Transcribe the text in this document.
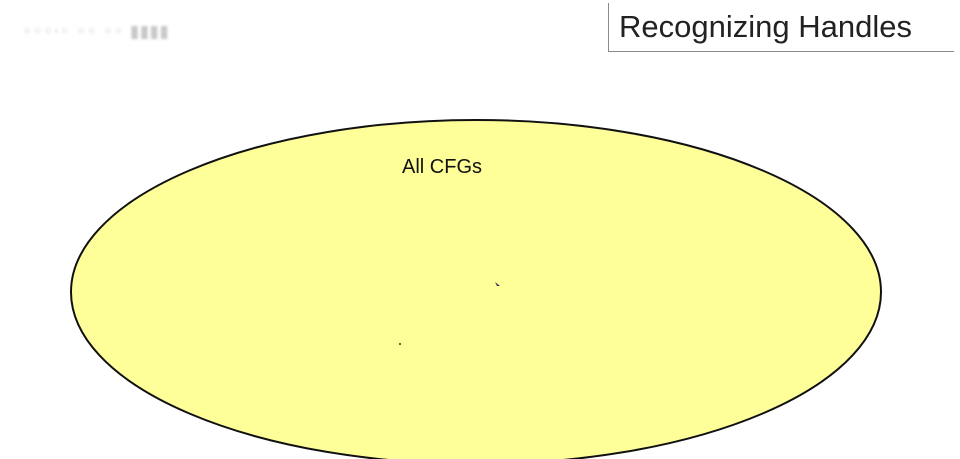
◦◦◦·◦ ◦◦ ◦◦ ▮▮▮▮	Recognizing Handles
All CFGs
